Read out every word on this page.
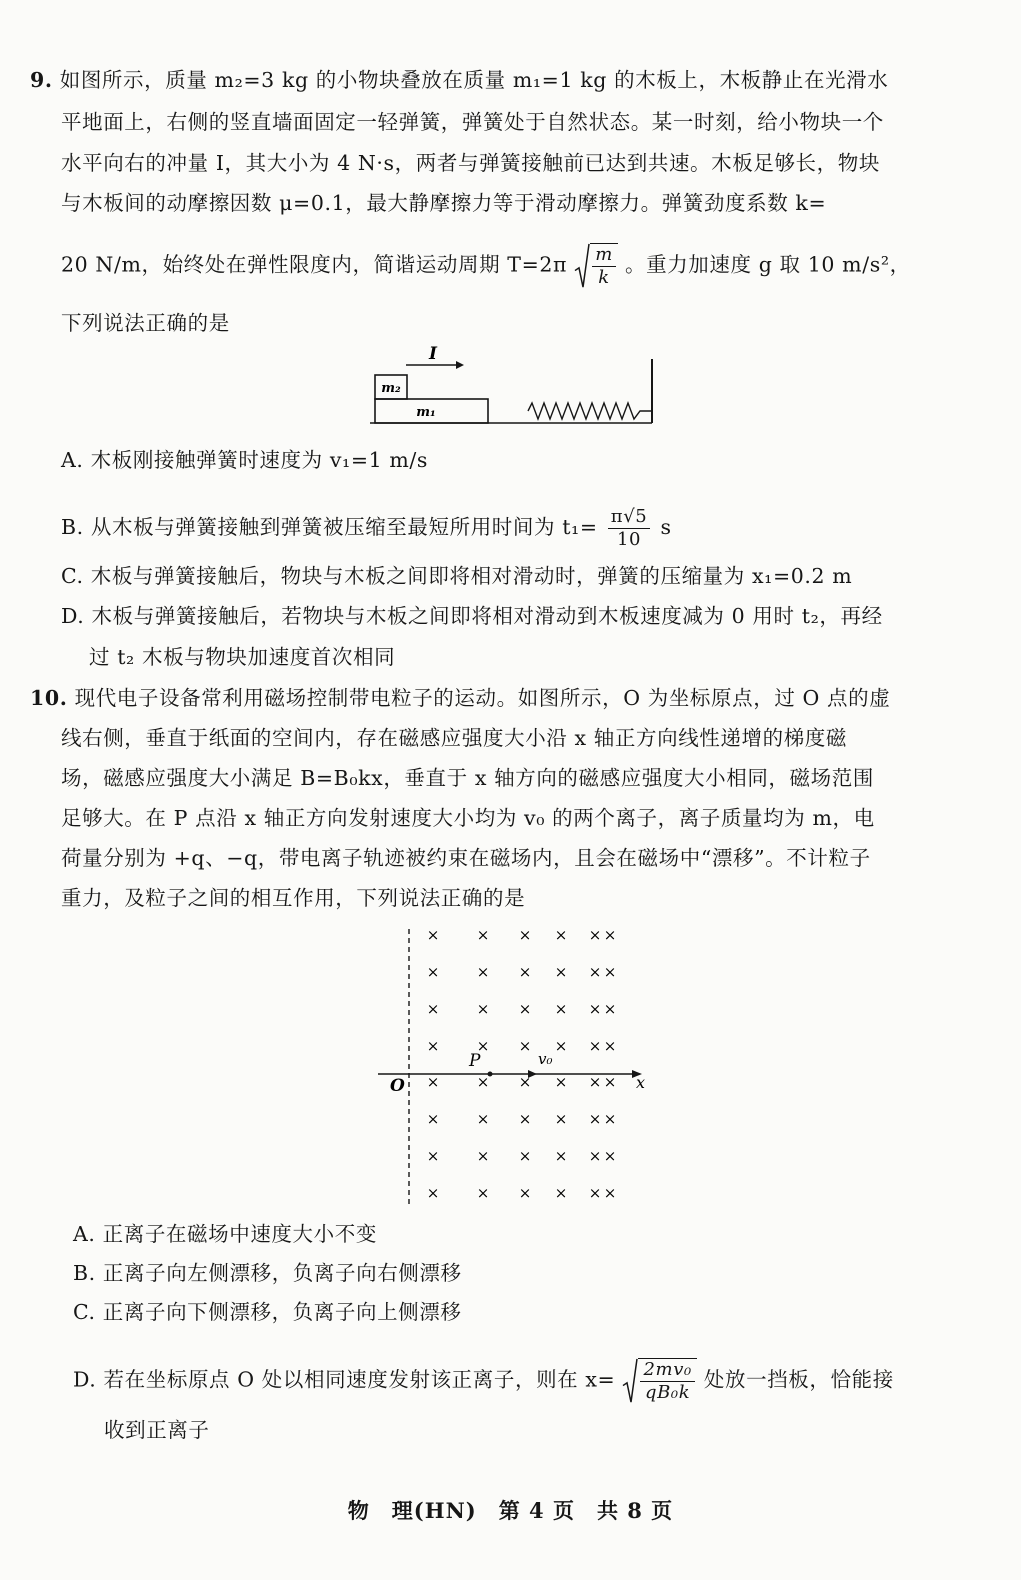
9. 如图所示，质量 m₂=3 kg 的小物块叠放在质量 m₁=1 kg 的木板上，木板静止在光滑水
平地面上，右侧的竖直墙面固定一轻弹簧，弹簧处于自然状态。某一时刻，给小物块一个
水平向右的冲量 I，其大小为 4 N·s，两者与弹簧接触前已达到共速。木板足够长，物块
与木板间的动摩擦因数 μ=0.1，最大静摩擦力等于滑动摩擦力。弹簧劲度系数 k=
20 N/m，始终处在弹性限度内，简谐运动周期 $T=2\pi \frac{m}{k}$ 。重力加速度 g 取 10 m/s²，
下列说法正确的是
I
m₂
m₁
A. 木板刚接触弹簧时速度为 v₁=1 m/s
B. 从木板与弹簧接触到弹簧被压缩至最短所用时间为 $t_1= \frac{\pi√5}{10}$ s
C. 木板与弹簧接触后，物块与木板之间即将相对滑动时，弹簧的压缩量为 x₁=0.2 m
D. 木板与弹簧接触后，若物块与木板之间即将相对滑动到木板速度减为 0 用时 t₂，再经
过 t₂ 木板与物块加速度首次相同
10. 现代电子设备常利用磁场控制带电粒子的运动。如图所示，O 为坐标原点，过 O 点的虚
线右侧，垂直于纸面的空间内，存在磁感应强度大小沿 x 轴正方向线性递增的梯度磁
场，磁感应强度大小满足 B=B₀kx，垂直于 x 轴方向的磁感应强度大小相同，磁场范围
足够大。在 P 点沿 x 轴正方向发射速度大小均为 v₀ 的两个离子，离子质量均为 m，电
荷量分别为 +q、−q，带电离子轨迹被约束在磁场内，且会在磁场中“漂移”。不计粒子
重力，及粒子之间的相互作用，下列说法正确的是
x
O
P	v₀
× × × × × ×
× × × × × ×
× × × × × ×
× × × × × ×
× × × × × ×
× × × × × ×
× × × × × ×
× × × × × ×
A. 正离子在磁场中速度大小不变
B. 正离子向左侧漂移，负离子向右侧漂移
C. 正离子向下侧漂移，负离子向上侧漂移
D. 若在坐标原点 O 处以相同速度发射该正离子，则在 $x= \frac{\text{2mv₀}}{\text{qB₀k}}$ 处放一挡板，恰能接
收到正离子
物　理(HN)　第 4 页　共 8 页
